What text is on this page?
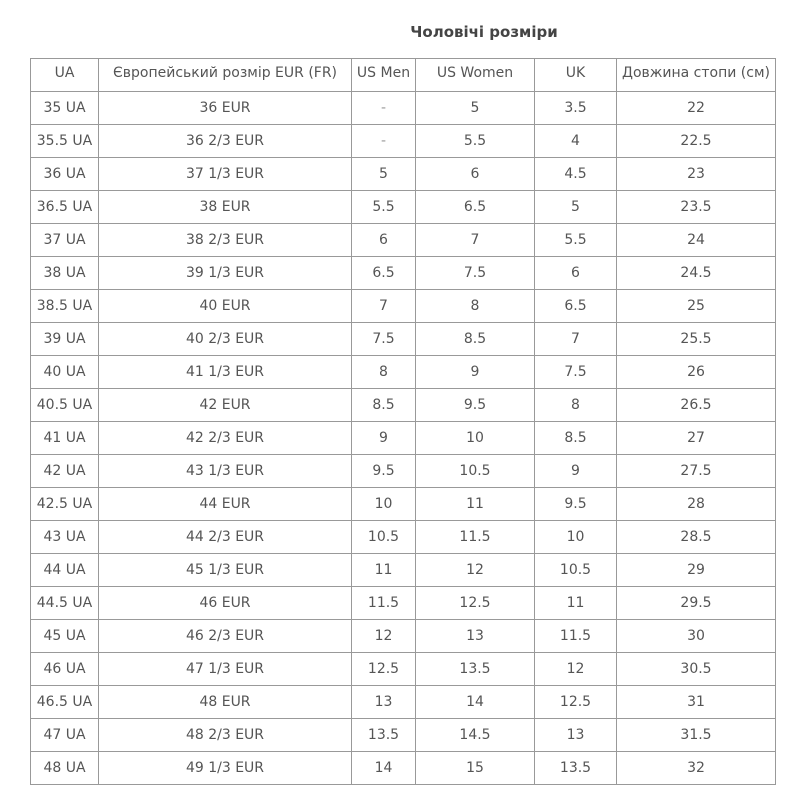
Чоловічі розміри
UA	Європейський розмір EUR (FR)	US Men	US Women	UK	Довжина стопи (см)
35 UA	36 EUR	-	5	3.5	22
35.5 UA	36 2/3 EUR	-	5.5	4	22.5
36 UA	37 1/3 EUR	5	6	4.5	23
36.5 UA	38 EUR	5.5	6.5	5	23.5
37 UA	38 2/3 EUR	6	7	5.5	24
38 UA	39 1/3 EUR	6.5	7.5	6	24.5
38.5 UA	40 EUR	7	8	6.5	25
39 UA	40 2/3 EUR	7.5	8.5	7	25.5
40 UA	41 1/3 EUR	8	9	7.5	26
40.5 UA	42 EUR	8.5	9.5	8	26.5
41 UA	42 2/3 EUR	9	10	8.5	27
42 UA	43 1/3 EUR	9.5	10.5	9	27.5
42.5 UA	44 EUR	10	11	9.5	28
43 UA	44 2/3 EUR	10.5	11.5	10	28.5
44 UA	45 1/3 EUR	11	12	10.5	29
44.5 UA	46 EUR	11.5	12.5	11	29.5
45 UA	46 2/3 EUR	12	13	11.5	30
46 UA	47 1/3 EUR	12.5	13.5	12	30.5
46.5 UA	48 EUR	13	14	12.5	31
47 UA	48 2/3 EUR	13.5	14.5	13	31.5
48 UA	49 1/3 EUR	14	15	13.5	32
